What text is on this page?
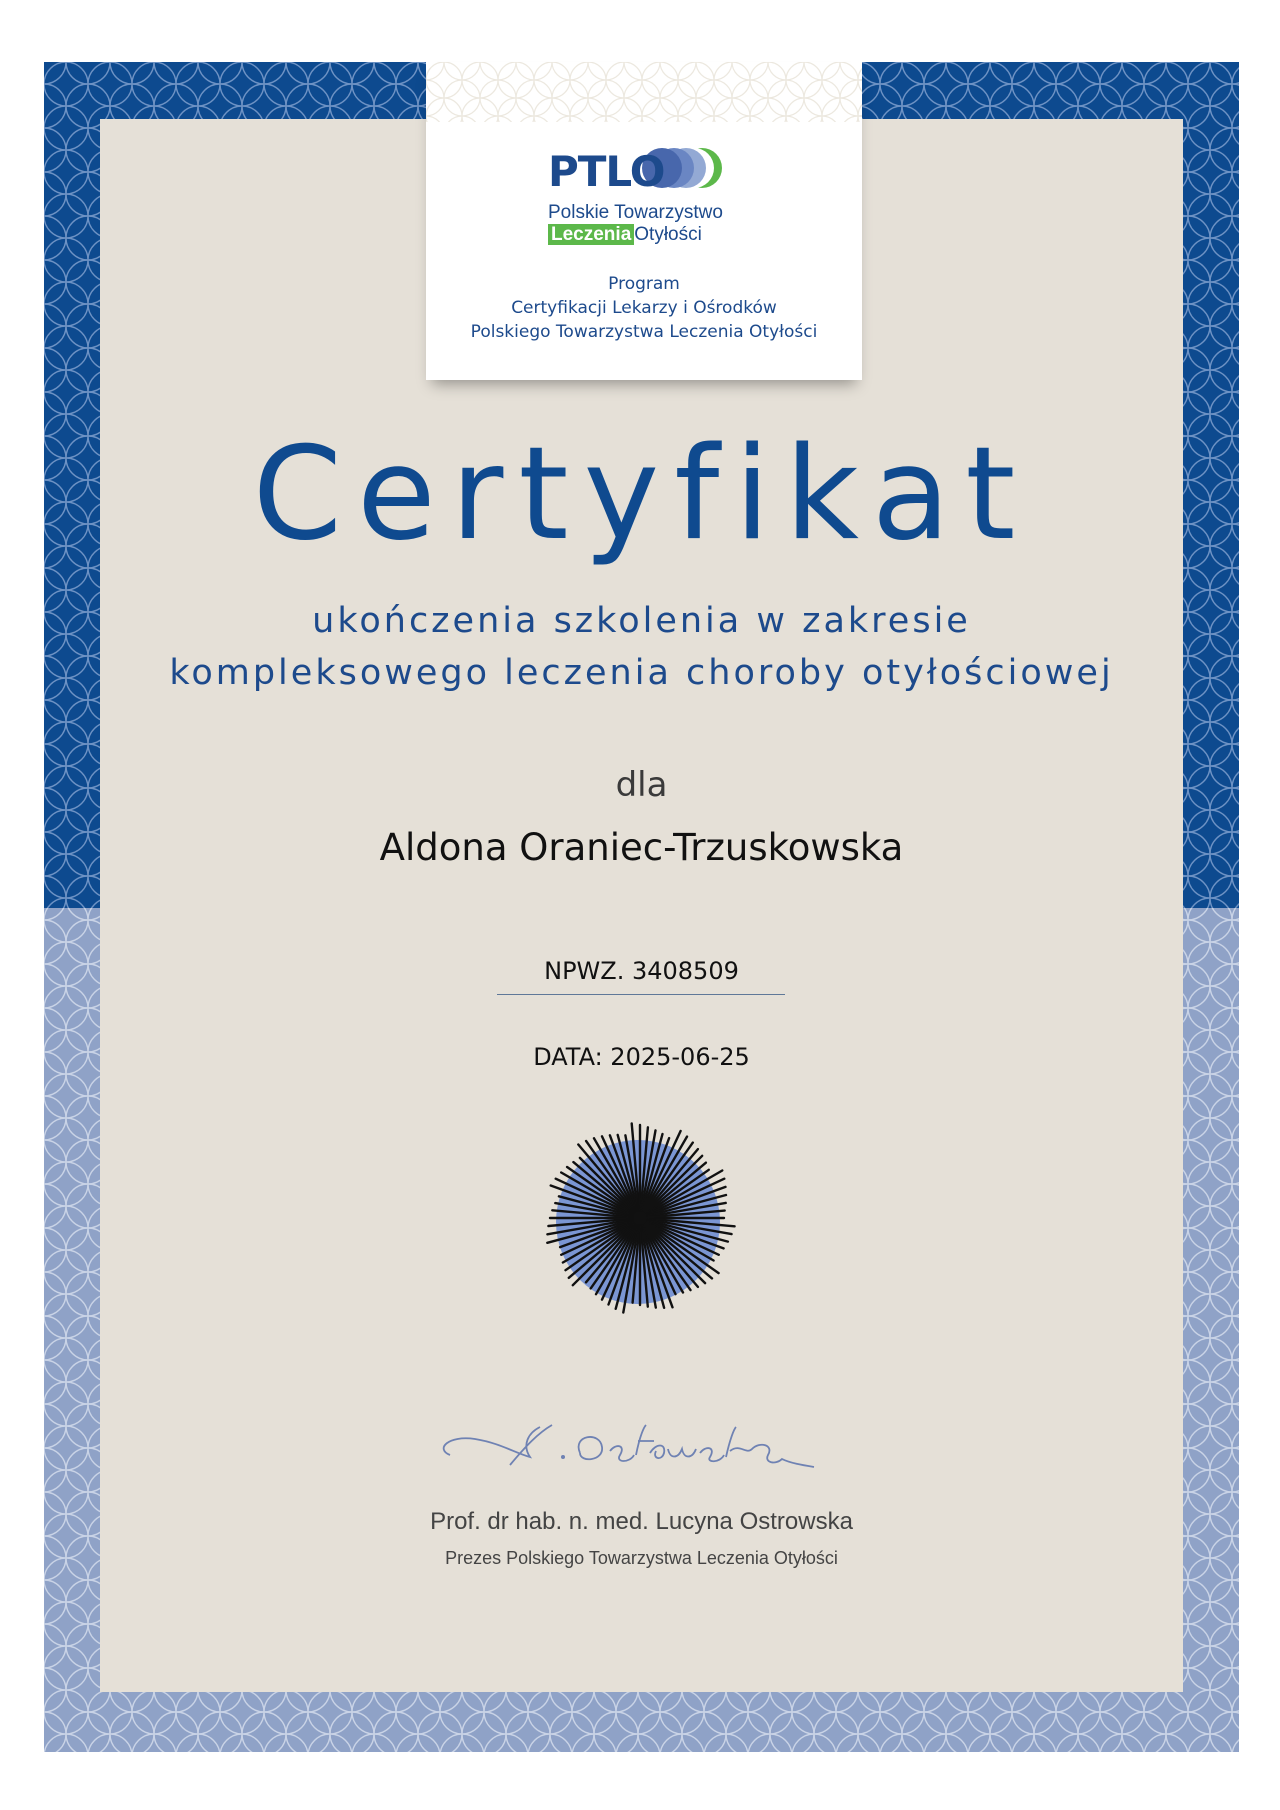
PTLO
Polskie Towarzystwo
Leczenia Otyłości
Program
Certyfikacji Lekarzy i Ośrodków
Polskiego Towarzystwa Leczenia Otyłości
Certyfikat
ukończenia szkolenia w zakresie
kompleksowego leczenia choroby otyłościowej
dla
Aldona Oraniec-Trzuskowska
NPWZ. 3408509
DATA: 2025-06-25
Prof. dr hab. n. med. Lucyna Ostrowska
Prezes Polskiego Towarzystwa Leczenia Otyłości
